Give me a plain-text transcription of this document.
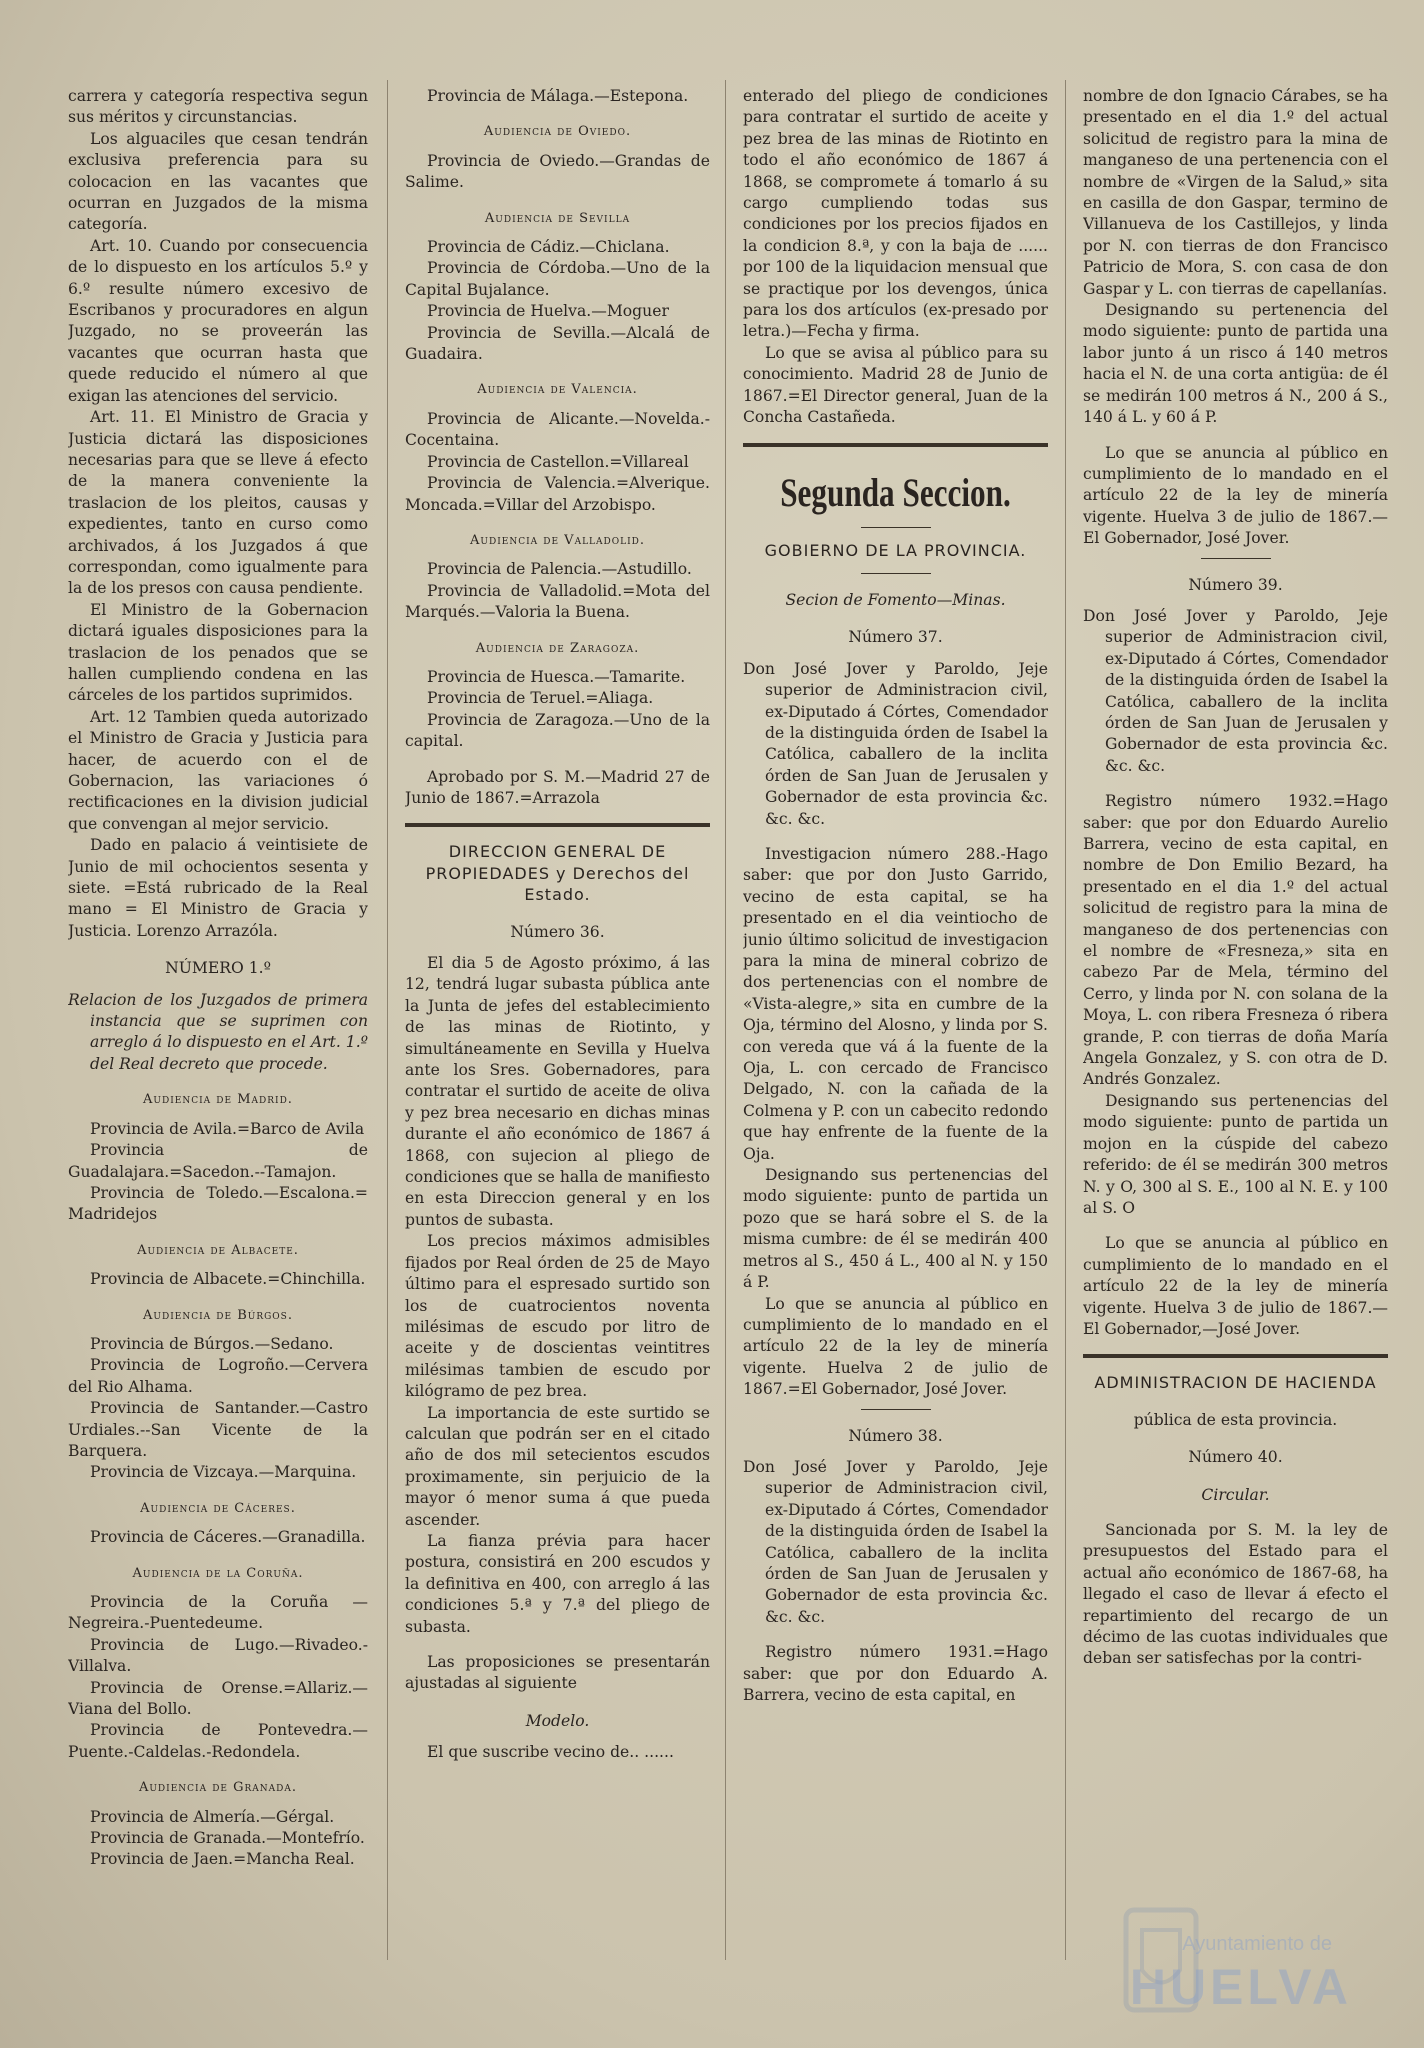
carrera y categoría respectiva segun sus méritos y circunstancias.

Los alguaciles que cesan tendrán exclusiva preferencia para su colocacion en las vacantes que ocurran en Juzgados de la misma categoría.

Art. 10. Cuando por consecuencia de lo dispuesto en los artículos 5.º y 6.º resulte número excesivo de Escribanos y procuradores en algun Juzgado, no se proveerán las vacantes que ocurran hasta que quede reducido el número al que exigan las atenciones del servicio.

Art. 11. El Ministro de Gracia y Justicia dictará las disposiciones necesarias para que se lleve á efecto de la manera conveniente la traslacion de los pleitos, causas y expedientes, tanto en curso como archivados, á los Juzgados á que correspondan, como igualmente para la de los presos con causa pendiente.

El Ministro de la Gobernacion dictará iguales disposiciones para la traslacion de los penados que se hallen cumpliendo condena en las cárceles de los partidos suprimidos.

Art. 12 Tambien queda autorizado el Ministro de Gracia y Justicia para hacer, de acuerdo con el de Gobernacion, las variaciones ó rectificaciones en la division judicial que convengan al mejor servicio.

Dado en palacio á veintisiete de Junio de mil ochocientos sesenta y siete. =Está rubricado de la Real mano = El Ministro de Gracia y Justicia. Lorenzo Arrazóla.

NÚMERO 1.º

Relacion de los Juzgados de primera instancia que se suprimen con arreglo á lo dispuesto en el Art. 1.º del Real decreto que procede.

Audiencia de Madrid.

Provincia de Avila.=Barco de Avila

Provincia de Guadalajara.=Sacedon.--Tamajon.

Provincia de Toledo.—Escalona.= Madridejos

Audiencia de Albacete.

Provincia de Albacete.=Chinchilla.

Audiencia de Búrgos.

Provincia de Búrgos.—Sedano.

Provincia de Logroño.—Cervera del Rio Alhama.

Provincia de Santander.—Castro Urdiales.--San Vicente de la Barquera.

Provincia de Vizcaya.—Marquina.

Audiencia de Cáceres.

Provincia de Cáceres.—Granadilla.

Audiencia de la Coruña.

Provincia de la Coruña —Negreira.-Puentedeume.

Provincia de Lugo.—Rivadeo.-Villalva.

Provincia de Orense.=Allariz.—Viana del Bollo.

Provincia de Pontevedra.—Puente.-Caldelas.-Redondela.

Audiencia de Granada.

Provincia de Almería.—Gérgal.

Provincia de Granada.—Montefrío.

Provincia de Jaen.=Mancha Real.

Provincia de Málaga.—Estepona.

Audiencia de Oviedo.

Provincia de Oviedo.—Grandas de Salime.

Audiencia de Sevilla

Provincia de Cádiz.—Chiclana.

Provincia de Córdoba.—Uno de la Capital Bujalance.

Provincia de Huelva.—Moguer

Provincia de Sevilla.—Alcalá de Guadaira.

Audiencia de Valencia.

Provincia de Alicante.—Novelda.-Cocentaina.

Provincia de Castellon.=Villareal

Provincia de Valencia.=Alverique. Moncada.=Villar del Arzobispo.

Audiencia de Valladolid.

Provincia de Palencia.—Astudillo.

Provincia de Valladolid.=Mota del Marqués.—Valoria la Buena.

Audiencia de Zaragoza.

Provincia de Huesca.—Tamarite.

Provincia de Teruel.=Aliaga.

Provincia de Zaragoza.—Uno de la capital.

Aprobado por S. M.—Madrid 27 de Junio de 1867.=Arrazola

DIRECCION GENERAL DE PROPIEDADES y Derechos del Estado.

Número 36.

El dia 5 de Agosto próximo, á las 12, tendrá lugar subasta pública ante la Junta de jefes del establecimiento de las minas de Riotinto, y simultáneamente en Sevilla y Huelva ante los Sres. Gobernadores, para contratar el surtido de aceite de oliva y pez brea necesario en dichas minas durante el año económico de 1867 á 1868, con sujecion al pliego de condiciones que se halla de manifiesto en esta Direccion general y en los puntos de subasta.

Los precios máximos admisibles fijados por Real órden de 25 de Mayo último para el espresado surtido son los de cuatrocientos noventa milésimas de escudo por litro de aceite y de doscientas veintitres milésimas tambien de escudo por kilógramo de pez brea.

La importancia de este surtido se calculan que podrán ser en el citado año de dos mil setecientos escudos proximamente, sin perjuicio de la mayor ó menor suma á que pueda ascender.

La fianza prévia para hacer postura, consistirá en 200 escudos y la definitiva en 400, con arreglo á las condiciones 5.ª y 7.ª del pliego de subasta.

Las proposiciones se presentarán ajustadas al siguiente

Modelo.

El que suscribe vecino de.. ......

enterado del pliego de condiciones para contratar el surtido de aceite y pez brea de las minas de Riotinto en todo el año económico de 1867 á 1868, se compromete á tomarlo á su cargo cumpliendo todas sus condiciones por los precios fijados en la condicion 8.ª, y con la baja de ...... por 100 de la liquidacion mensual que se practique por los devengos, única para los dos artículos (ex-presado por letra.)—Fecha y firma.

Lo que se avisa al público para su conocimiento. Madrid 28 de Junio de 1867.=El Director general, Juan de la Concha Castañeda.

Segunda Seccion.

GOBIERNO DE LA PROVINCIA.

Secion de Fomento—Minas.

Número 37.

Don José Jover y Paroldo, Jeje superior de Administracion civil, ex-Diputado á Córtes, Comendador de la distinguida órden de Isabel la Católica, caballero de la inclita órden de San Juan de Jerusalen y Gobernador de esta provincia &c. &c. &c.

Investigacion número 288.-Hago saber: que por don Justo Garrido, vecino de esta capital, se ha presentado en el dia veintiocho de junio último solicitud de investigacion para la mina de mineral cobrizo de dos pertenencias con el nombre de «Vista-alegre,» sita en cumbre de la Oja, término del Alosno, y linda por S. con vereda que vá á la fuente de la Oja, L. con cercado de Francisco Delgado, N. con la cañada de la Colmena y P. con un cabecito redondo que hay enfrente de la fuente de la Oja.

Designando sus pertenencias del modo siguiente: punto de partida un pozo que se hará sobre el S. de la misma cumbre: de él se medirán 400 metros al S., 450 á L., 400 al N. y 150 á P.

Lo que se anuncia al público en cumplimiento de lo mandado en el artículo 22 de la ley de minería vigente. Huelva 2 de julio de 1867.=El Gobernador, José Jover.

Número 38.

Don José Jover y Paroldo, Jeje superior de Administracion civil, ex-Diputado á Córtes, Comendador de la distinguida órden de Isabel la Católica, caballero de la inclita órden de San Juan de Jerusalen y Gobernador de esta provincia &c. &c. &c.

Registro número 1931.=Hago saber: que por don Eduardo A. Barrera, vecino de esta capital, en

nombre de don Ignacio Cárabes, se ha presentado en el dia 1.º del actual solicitud de registro para la mina de manganeso de una pertenencia con el nombre de «Virgen de la Salud,» sita en casilla de don Gaspar, termino de Villanueva de los Castillejos, y linda por N. con tierras de don Francisco Patricio de Mora, S. con casa de don Gaspar y L. con tierras de capellanías.

Designando su pertenencia del modo siguiente: punto de partida una labor junto á un risco á 140 metros hacia el N. de una corta antigüa: de él se medirán 100 metros á N., 200 á S., 140 á L. y 60 á P.

Lo que se anuncia al público en cumplimiento de lo mandado en el artículo 22 de la ley de minería vigente. Huelva 3 de julio de 1867.—El Gobernador, José Jover.

Número 39.

Don José Jover y Paroldo, Jeje superior de Administracion civil, ex-Diputado á Córtes, Comendador de la distinguida órden de Isabel la Católica, caballero de la inclita órden de San Juan de Jerusalen y Gobernador de esta provincia &c. &c. &c.

Registro número 1932.=Hago saber: que por don Eduardo Aurelio Barrera, vecino de esta capital, en nombre de Don Emilio Bezard, ha presentado en el dia 1.º del actual solicitud de registro para la mina de manganeso de dos pertenencias con el nombre de «Fresneza,» sita en cabezo Par de Mela, término del Cerro, y linda por N. con solana de la Moya, L. con ribera Fresneza ó ribera grande, P. con tierras de doña María Angela Gonzalez, y S. con otra de D. Andrés Gonzalez.

Designando sus pertenencias del modo siguiente: punto de partida un mojon en la cúspide del cabezo referido: de él se medirán 300 metros N. y O, 300 al S. E., 100 al N. E. y 100 al S. O

Lo que se anuncia al público en cumplimiento de lo mandado en el artículo 22 de la ley de minería vigente. Huelva 3 de julio de 1867.—El Gobernador,—José Jover.

ADMINISTRACION DE HACIENDA

pública de esta provincia.

Número 40.

Circular.

Sancionada por S. M. la ley de presupuestos del Estado para el actual año económico de 1867-68, ha llegado el caso de llevar á efecto el repartimiento del recargo de un décimo de las cuotas individuales que deban ser satisfechas por la contri-

Ayuntamiento de
HUELVA
